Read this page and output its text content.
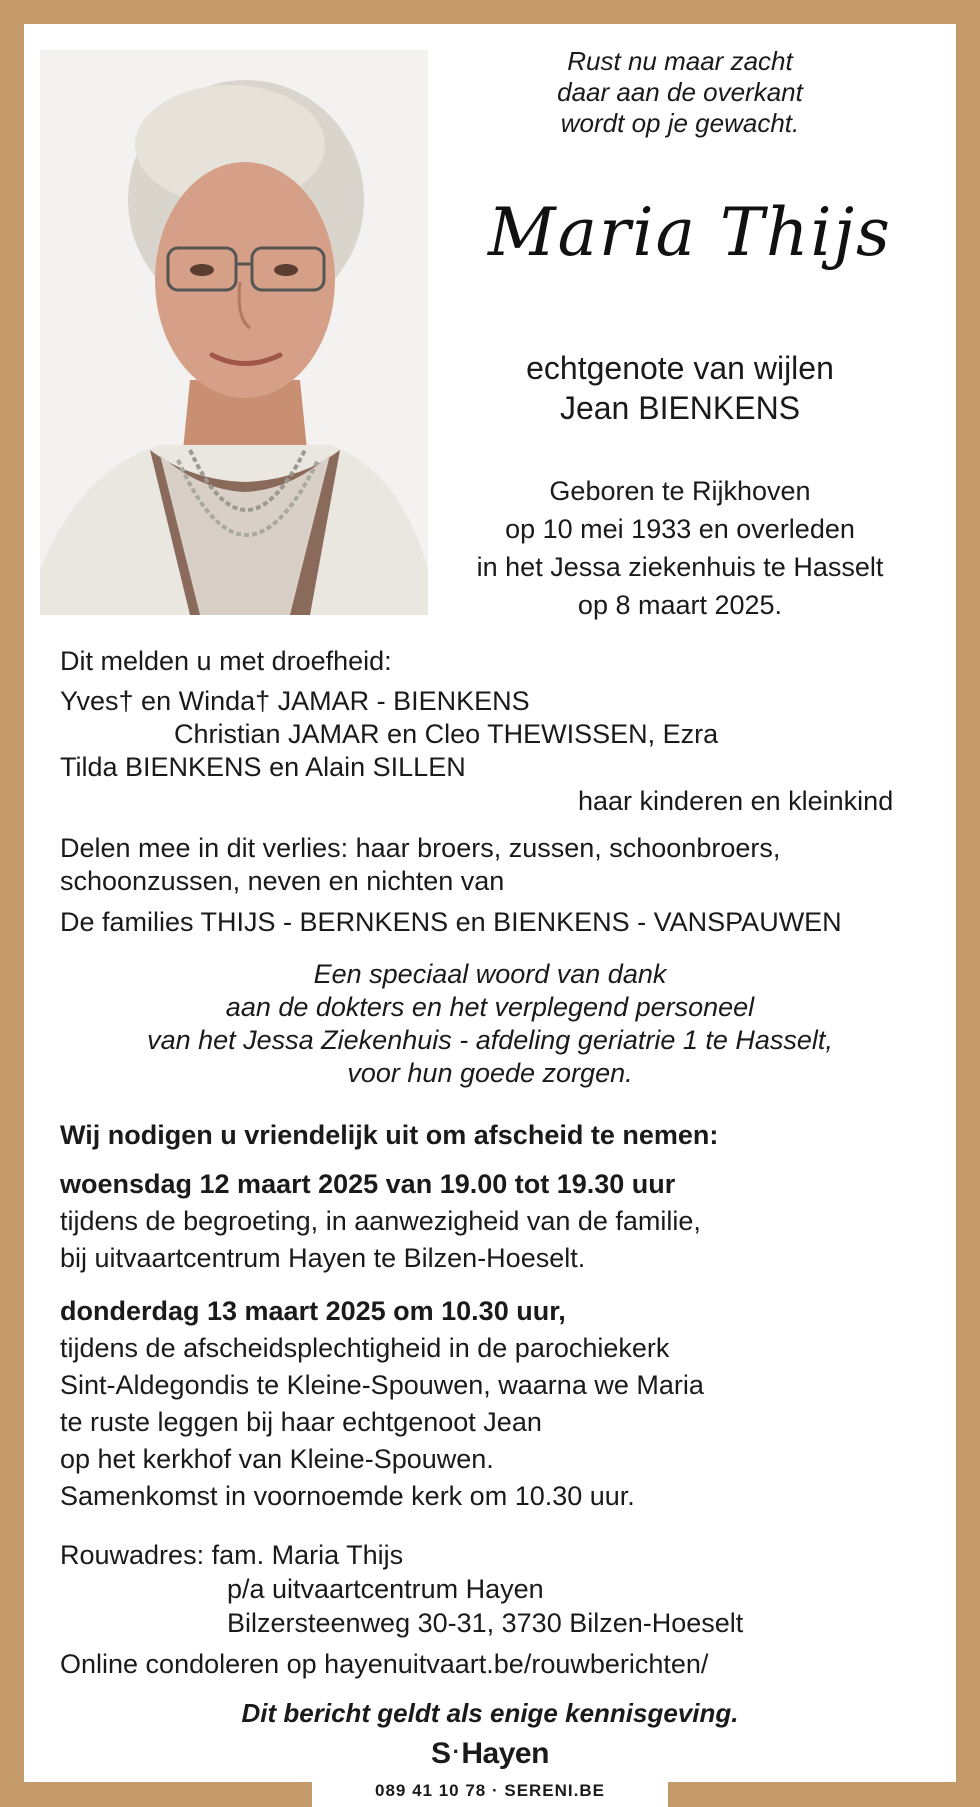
Rust nu maar zacht
daar aan de overkant
wordt op je gewacht.
Maria Thijs
echtgenote van wijlen
Jean BIENKENS
Geboren te Rijkhoven
op 10 mei 1933 en overleden
in het Jessa ziekenhuis te Hasselt
op 8 maart 2025.
Dit melden u met droefheid:
Yves† en Winda† JAMAR - BIENKENS
Christian JAMAR en Cleo THEWISSEN, Ezra
Tilda BIENKENS en Alain SILLEN
haar kinderen en kleinkind
Delen mee in dit verlies: haar broers, zussen, schoonbroers,
schoonzussen, neven en nichten van
De families THIJS - BERNKENS en BIENKENS - VANSPAUWEN
Een speciaal woord van dank
aan de dokters en het verplegend personeel
van het Jessa Ziekenhuis - afdeling geriatrie 1 te Hasselt,
voor hun goede zorgen.
Wij nodigen u vriendelijk uit om afscheid te nemen:
woensdag 12 maart 2025 van 19.00 tot 19.30 uur
tijdens de begroeting, in aanwezigheid van de familie,
bij uitvaartcentrum Hayen te Bilzen-Hoeselt.
donderdag 13 maart 2025 om 10.30 uur,
tijdens de afscheidsplechtigheid in de parochiekerk
Sint-Aldegondis te Kleine-Spouwen, waarna we Maria
te ruste leggen bij haar echtgenoot Jean
op het kerkhof van Kleine-Spouwen.
Samenkomst in voornoemde kerk om 10.30 uur.
Rouwadres: fam. Maria Thijs
p/a uitvaartcentrum Hayen
Bilzersteenweg 30-31, 3730 Bilzen-Hoeselt
Online condoleren op hayenuitvaart.be/rouwberichten/
Dit bericht geldt als enige kennisgeving.
S·Hayen
089 41 10 78 · SERENI.BE
